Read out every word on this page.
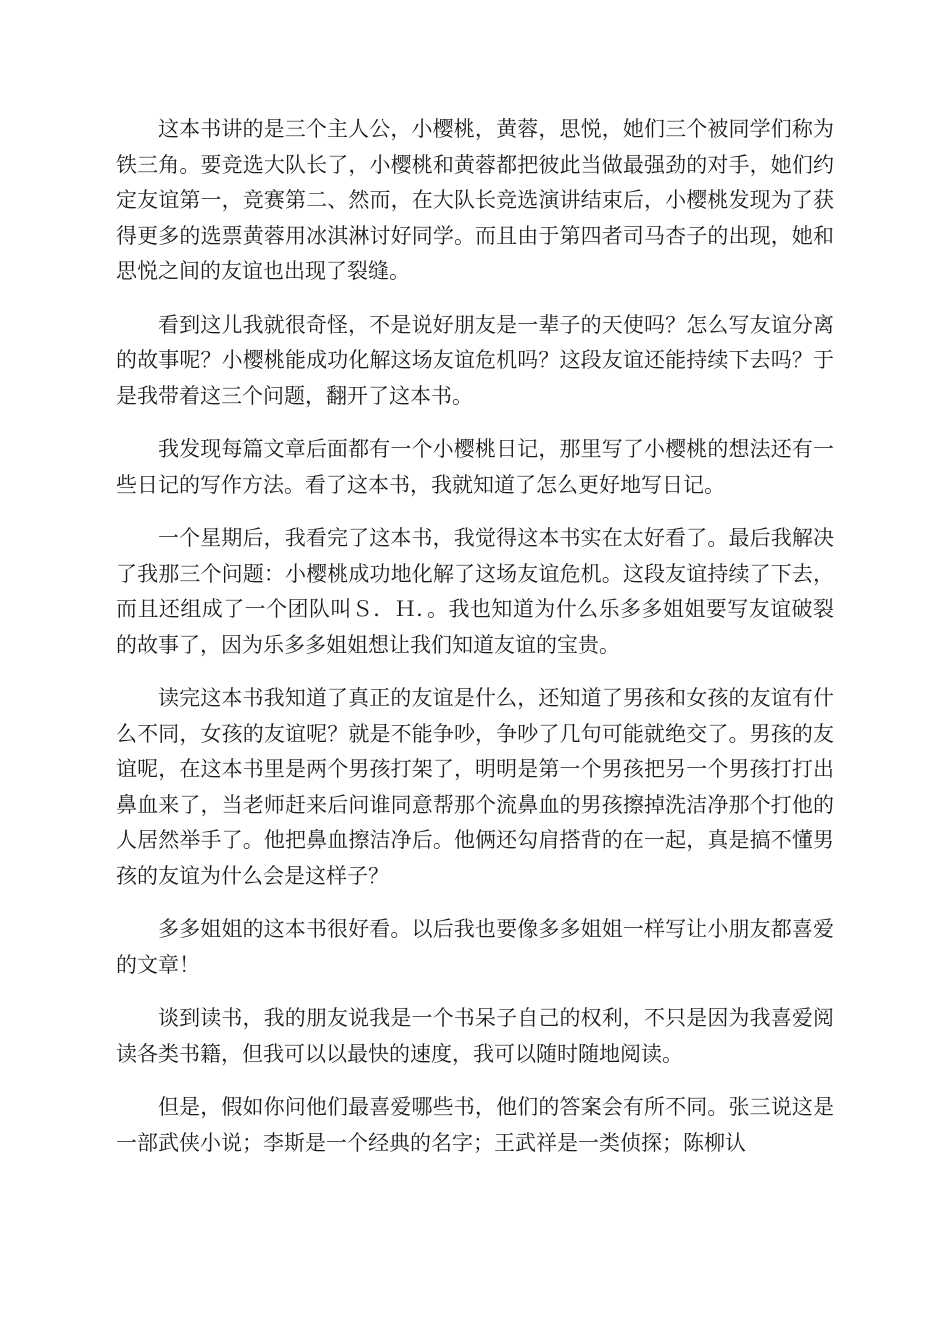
这本书讲的是三个主人公，小樱桃，黄蓉，思悦，她们三个被同学们称为铁三角。要竞选大队长了，小樱桃和黄蓉都把彼此当做最强劲的对手，她们约定友谊第一，竞赛第二、然而，在大队长竞选演讲结束后，小樱桃发现为了获得更多的选票黄蓉用冰淇淋讨好同学。而且由于第四者司马杏子的出现，她和思悦之间的友谊也出现了裂缝。

看到这儿我就很奇怪，不是说好朋友是一辈子的天使吗？怎么写友谊分离的故事呢？小樱桃能成功化解这场友谊危机吗？这段友谊还能持续下去吗？于是我带着这三个问题，翻开了这本书。

我发现每篇文章后面都有一个小樱桃日记，那里写了小樱桃的想法还有一些日记的写作方法。看了这本书，我就知道了怎么更好地写日记。

一个星期后，我看完了这本书，我觉得这本书实在太好看了。最后我解决了我那三个问题：小樱桃成功地化解了这场友谊危机。这段友谊持续了下去，而且还组成了一个团队叫Ｓ．Ｈ．。我也知道为什么乐多多姐姐要写友谊破裂的故事了，因为乐多多姐姐想让我们知道友谊的宝贵。

读完这本书我知道了真正的友谊是什么，还知道了男孩和女孩的友谊有什么不同，女孩的友谊呢？就是不能争吵，争吵了几句可能就绝交了。男孩的友谊呢，在这本书里是两个男孩打架了，明明是第一个男孩把另一个男孩打打出鼻血来了，当老师赶来后问谁同意帮那个流鼻血的男孩擦掉洗洁净那个打他的人居然举手了。他把鼻血擦洁净后。他俩还勾肩搭背的在一起，真是搞不懂男孩的友谊为什么会是这样子？

多多姐姐的这本书很好看。以后我也要像多多姐姐一样写让小朋友都喜爱的文章！

谈到读书，我的朋友说我是一个书呆子自己的权利，不只是因为我喜爱阅读各类书籍，但我可以以最快的速度，我可以随时随地阅读。

但是，假如你问他们最喜爱哪些书，他们的答案会有所不同。张三说这是一部武侠小说；李斯是一个经典的名字；王武祥是一类侦探；陈柳认
